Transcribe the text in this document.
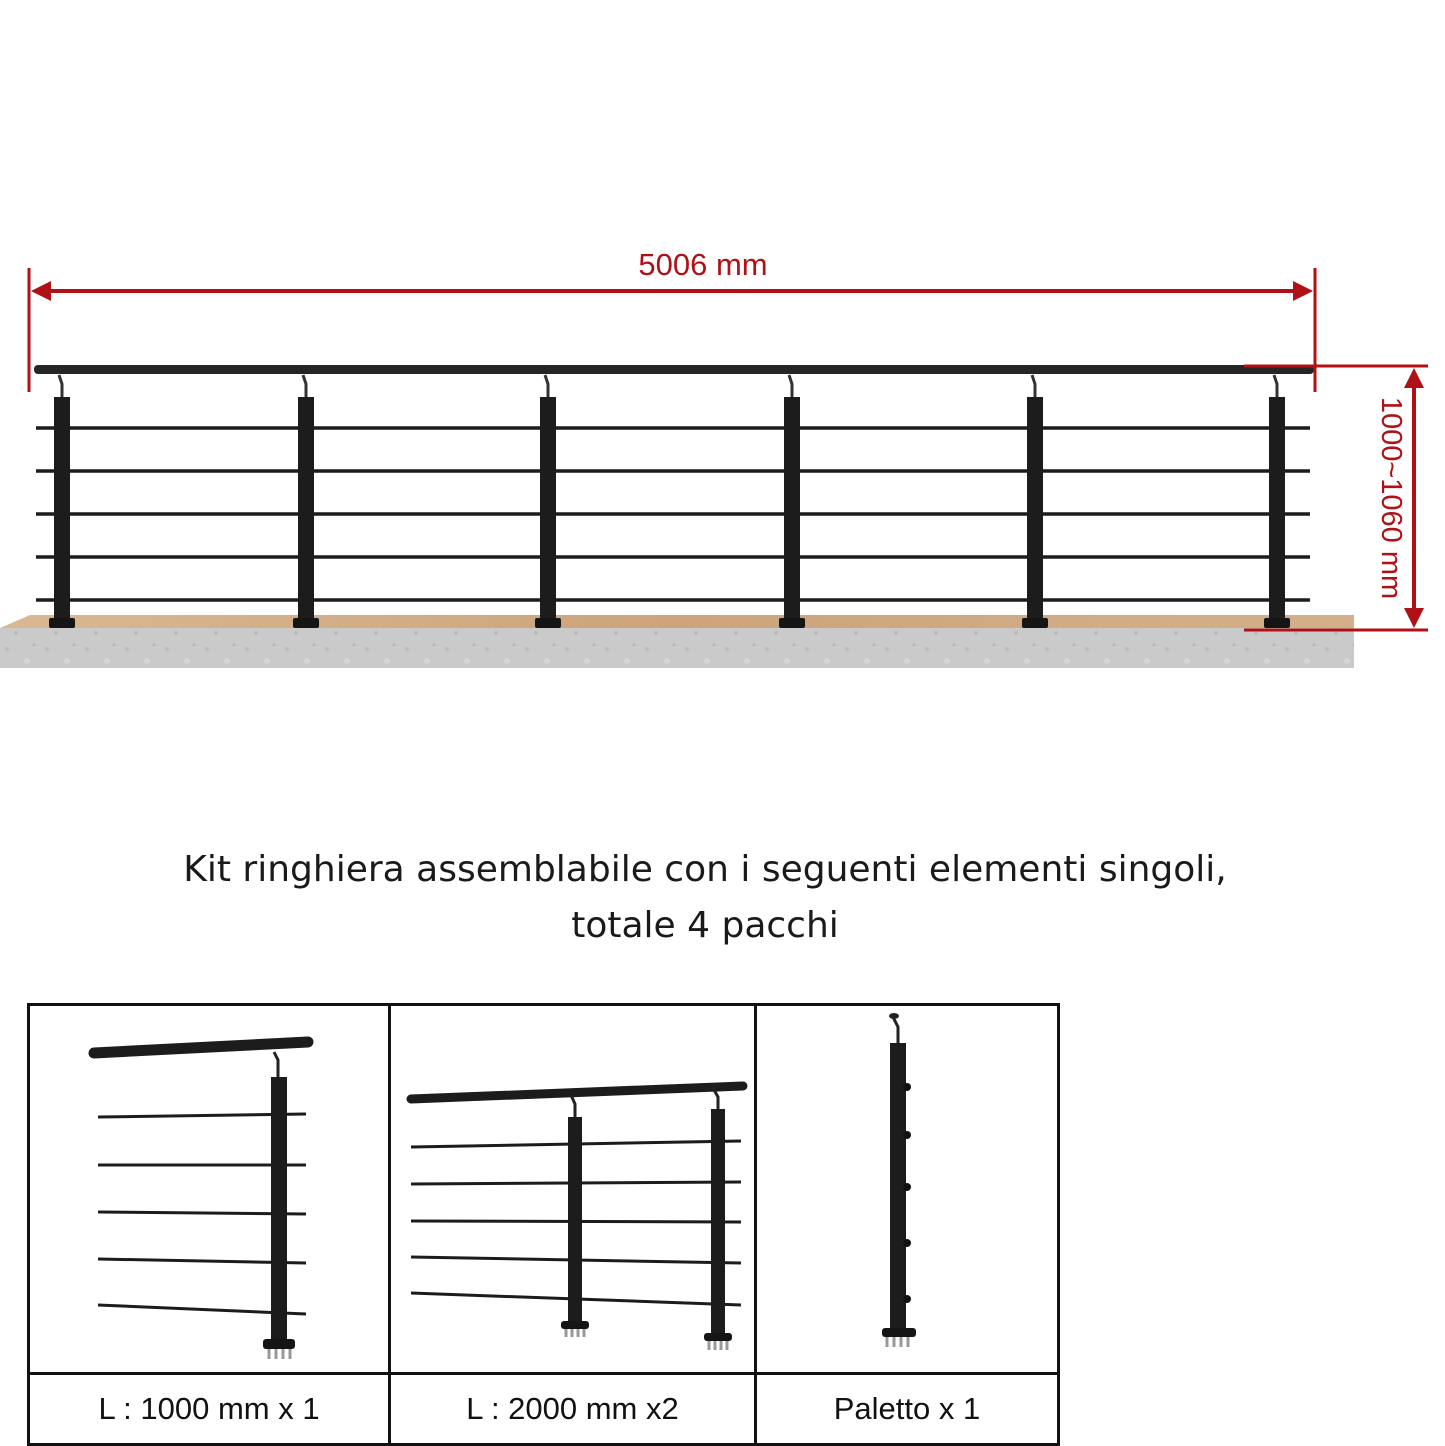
5006 mm
1000~1060 mm
Kit ringhiera assemblabile con i seguenti elementi singoli,
totale 4 pacchi

L : 1000 mm x 1	L : 2000 mm x2	Paletto x 1
